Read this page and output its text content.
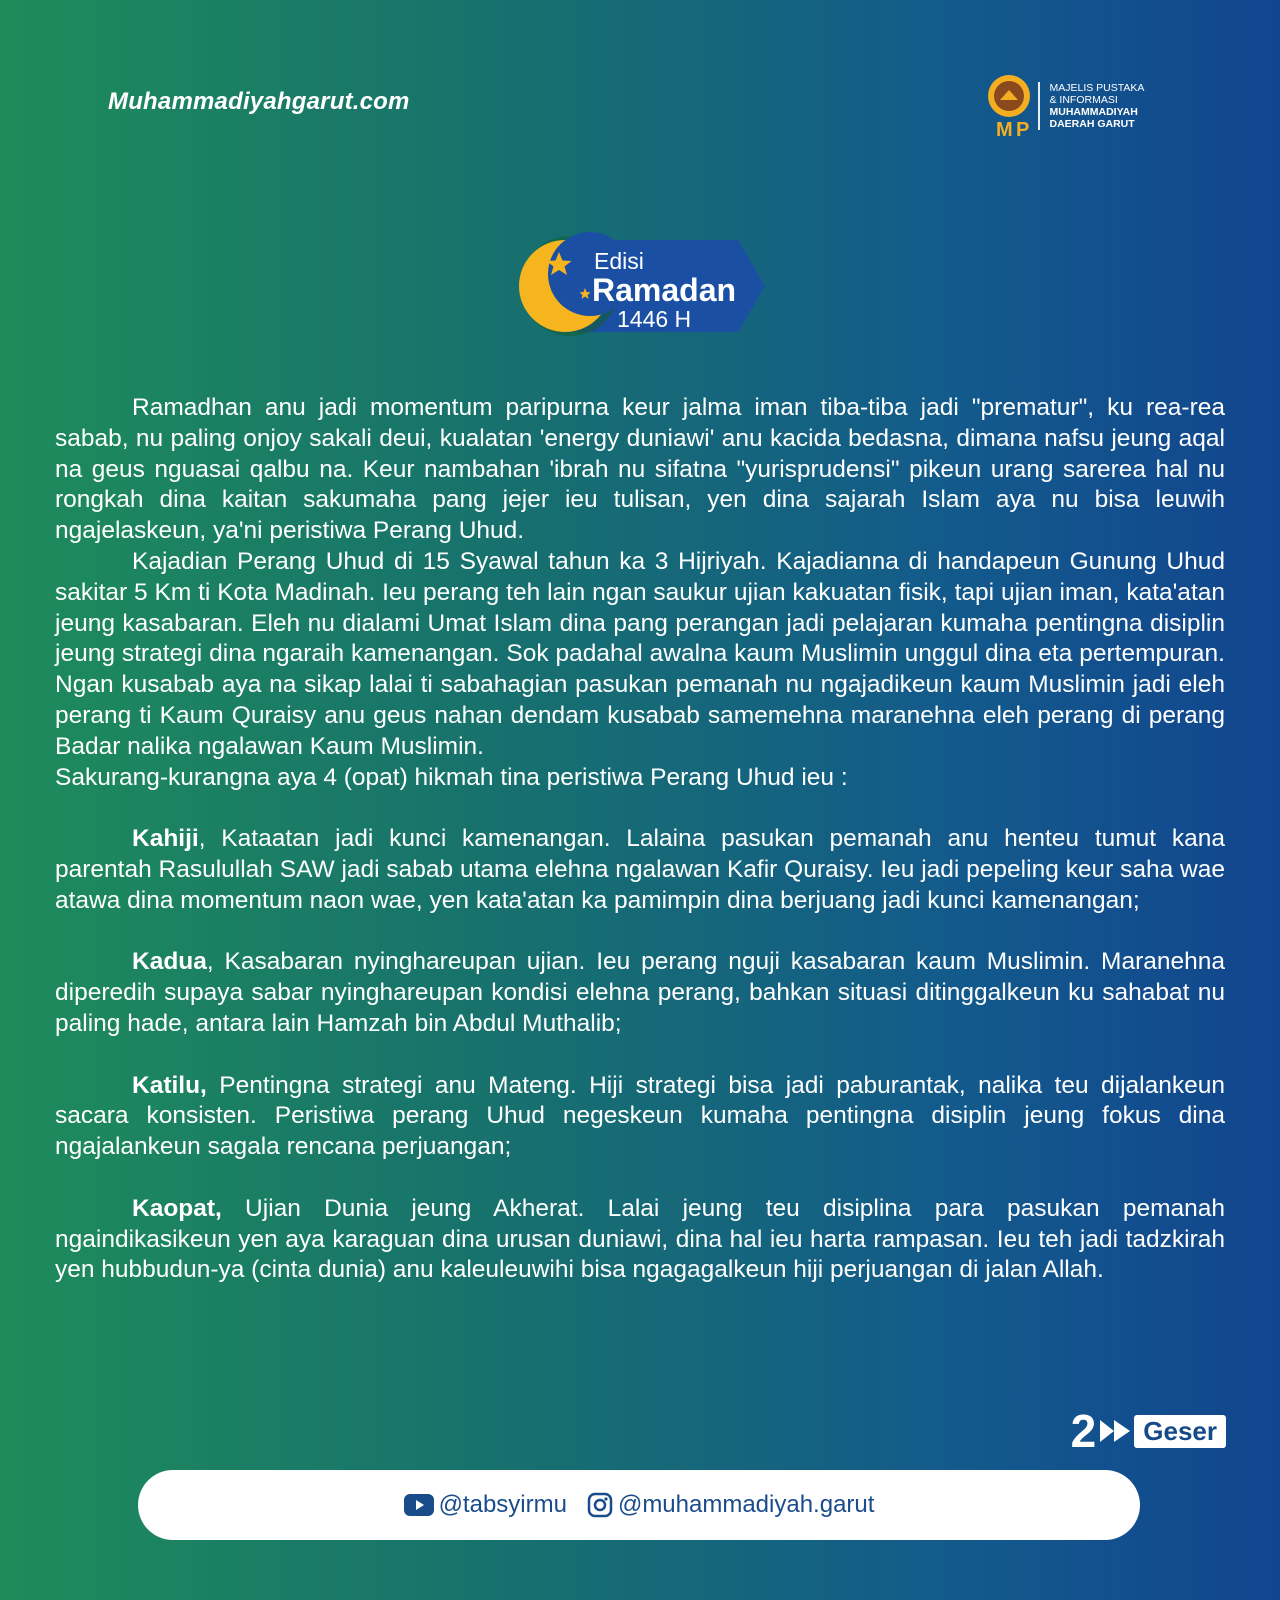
Muhammadiyahgarut.com
M P
MAJELIS PUSTAKA
& INFORMASI
MUHAMMADIYAH
DAERAH GARUT
Edisi
Ramadan
1446 H

Ramadhan anu jadi momentum paripurna keur jalma iman tiba-tiba jadi "prematur", ku rea-rea sabab, nu paling onjoy sakali deui, kualatan 'energy duniawi' anu kacida bedasna, dimana nafsu jeung aqal na geus nguasai qalbu na. Keur nambahan 'ibrah nu sifatna "yurisprudensi" pikeun urang sarerea hal nu rongkah dina kaitan sakumaha pang jejer ieu tulisan, yen dina sajarah Islam aya nu bisa leuwih ngajelaskeun, ya'ni peristiwa Perang Uhud.

Kajadian Perang Uhud di 15 Syawal tahun ka 3 Hijriyah. Kajadianna di handapeun Gunung Uhud sakitar 5 Km ti Kota Madinah. Ieu perang teh lain ngan saukur ujian kakuatan fisik, tapi ujian iman, kata'atan jeung kasabaran. Eleh nu dialami Umat Islam dina pang perangan jadi pelajaran kumaha pentingna disiplin jeung strategi dina ngaraih kamenangan. Sok padahal awalna kaum Muslimin unggul dina eta pertempuran. Ngan kusabab aya na sikap lalai ti sabahagian pasukan pemanah nu ngajadikeun kaum Muslimin jadi eleh perang ti Kaum Quraisy anu geus nahan dendam kusabab samemehna maranehna eleh perang di perang Badar nalika ngalawan Kaum Muslimin.

Sakurang-kurangna aya 4 (opat) hikmah tina peristiwa Perang Uhud ieu :

Kahiji, Kataatan jadi kunci kamenangan. Lalaina pasukan pemanah anu henteu tumut kana parentah Rasulullah SAW jadi sabab utama elehna ngalawan Kafir Quraisy. Ieu jadi pepeling keur saha wae atawa dina momentum naon wae, yen kata'atan ka pamimpin dina berjuang jadi kunci kamenangan;

Kadua, Kasabaran nyinghareupan ujian. Ieu perang nguji kasabaran kaum Muslimin. Maranehna diperedih supaya sabar nyinghareupan kondisi elehna perang, bahkan situasi ditinggalkeun ku sahabat nu paling hade, antara lain Hamzah bin Abdul Muthalib;

Katilu, Pentingna strategi anu Mateng. Hiji strategi bisa jadi paburantak, nalika teu dijalankeun sacara konsisten. Peristiwa perang Uhud negeskeun kumaha pentingna disiplin jeung fokus dina ngajalankeun sagala rencana perjuangan;

Kaopat, Ujian Dunia jeung Akherat. Lalai jeung teu disiplina para pasukan pemanah ngaindikasikeun yen aya karaguan dina urusan duniawi, dina hal ieu harta rampasan. Ieu teh jadi tadzkirah yen hubbudun-ya (cinta dunia) anu kaleuleuwihi bisa ngagagalkeun hiji perjuangan di jalan Allah.

2	Geser
@tabsyirmu @muhammadiyah.garut
